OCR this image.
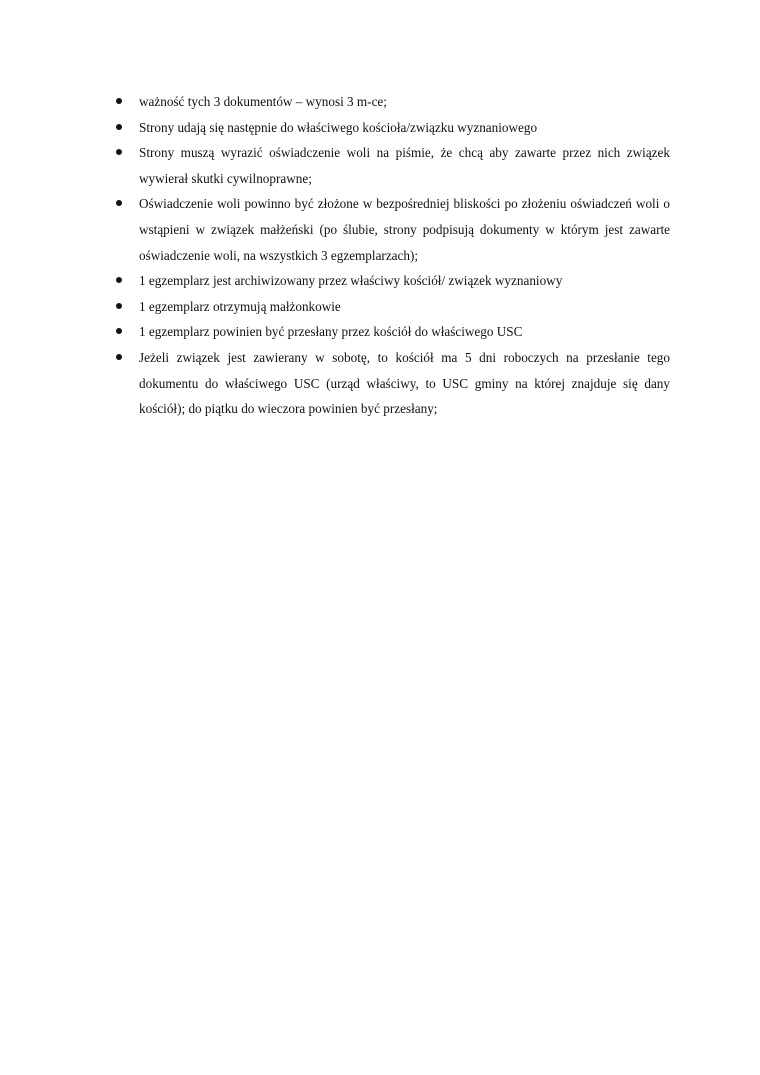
ważność tych 3 dokumentów – wynosi 3 m-ce;
Strony udają się następnie do właściwego kościoła/związku wyznaniowego
Strony muszą wyrazić oświadczenie woli na piśmie, że chcą aby zawarte przez nich związek wywierał skutki cywilnoprawne;
Oświadczenie woli powinno być złożone w bezpośredniej bliskości po złożeniu oświadczeń woli o wstąpieni w związek małżeński (po ślubie, strony podpisują dokumenty w którym jest zawarte oświadczenie woli, na wszystkich 3 egzemplarzach);
1 egzemplarz jest archiwizowany przez właściwy kościół/ związek wyznaniowy
1 egzemplarz otrzymują małżonkowie
1 egzemplarz powinien być przesłany przez kościół do właściwego USC
Jeżeli związek jest zawierany w sobotę, to kościół ma 5 dni roboczych na przesłanie tego dokumentu do właściwego USC (urząd właściwy, to USC gminy na której znajduje się dany kościół); do piątku do wieczora powinien być przesłany;
